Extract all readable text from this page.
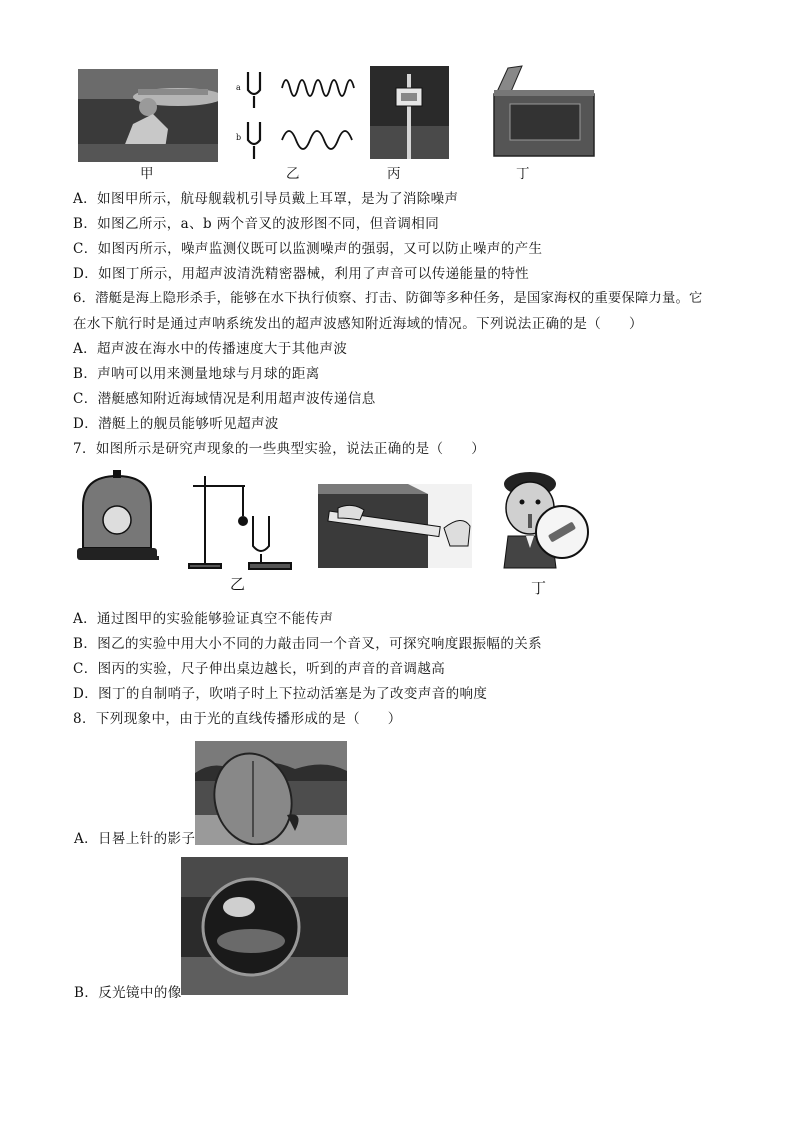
甲
a
b
乙	丙	丁
A．如图甲所示，航母舰载机引导员戴上耳罩，是为了消除噪声
B．如图乙所示，a、b 两个音叉的波形图不同，但音调相同
C．如图丙所示，噪声监测仪既可以监测噪声的强弱，又可以防止噪声的产生
D．如图丁所示，用超声波清洗精密器械，利用了声音可以传递能量的特性
6．潜艇是海上隐形杀手，能够在水下执行侦察、打击、防御等多种任务，是国家海权的重要保障力量。它
在水下航行时是通过声呐系统发出的超声波感知附近海域的情况。下列说法正确的是（　　）
A．超声波在海水中的传播速度大于其他声波
B．声呐可以用来测量地球与月球的距离
C．潜艇感知附近海域情况是利用超声波传递信息
D．潜艇上的舰员能够听见超声波
7．如图所示是研究声现象的一些典型实验，说法正确的是（　　）
乙	丁
A．通过图甲的实验能够验证真空不能传声
B．图乙的实验中用大小不同的力敲击同一个音叉，可探究响度跟振幅的关系
C．图丙的实验，尺子伸出桌边越长，听到的声音的音调越高
D．图丁的自制哨子，吹哨子时上下拉动活塞是为了改变声音的响度
8．下列现象中，由于光的直线传播形成的是（　　）
A．日晷上针的影子
B．反光镜中的像
